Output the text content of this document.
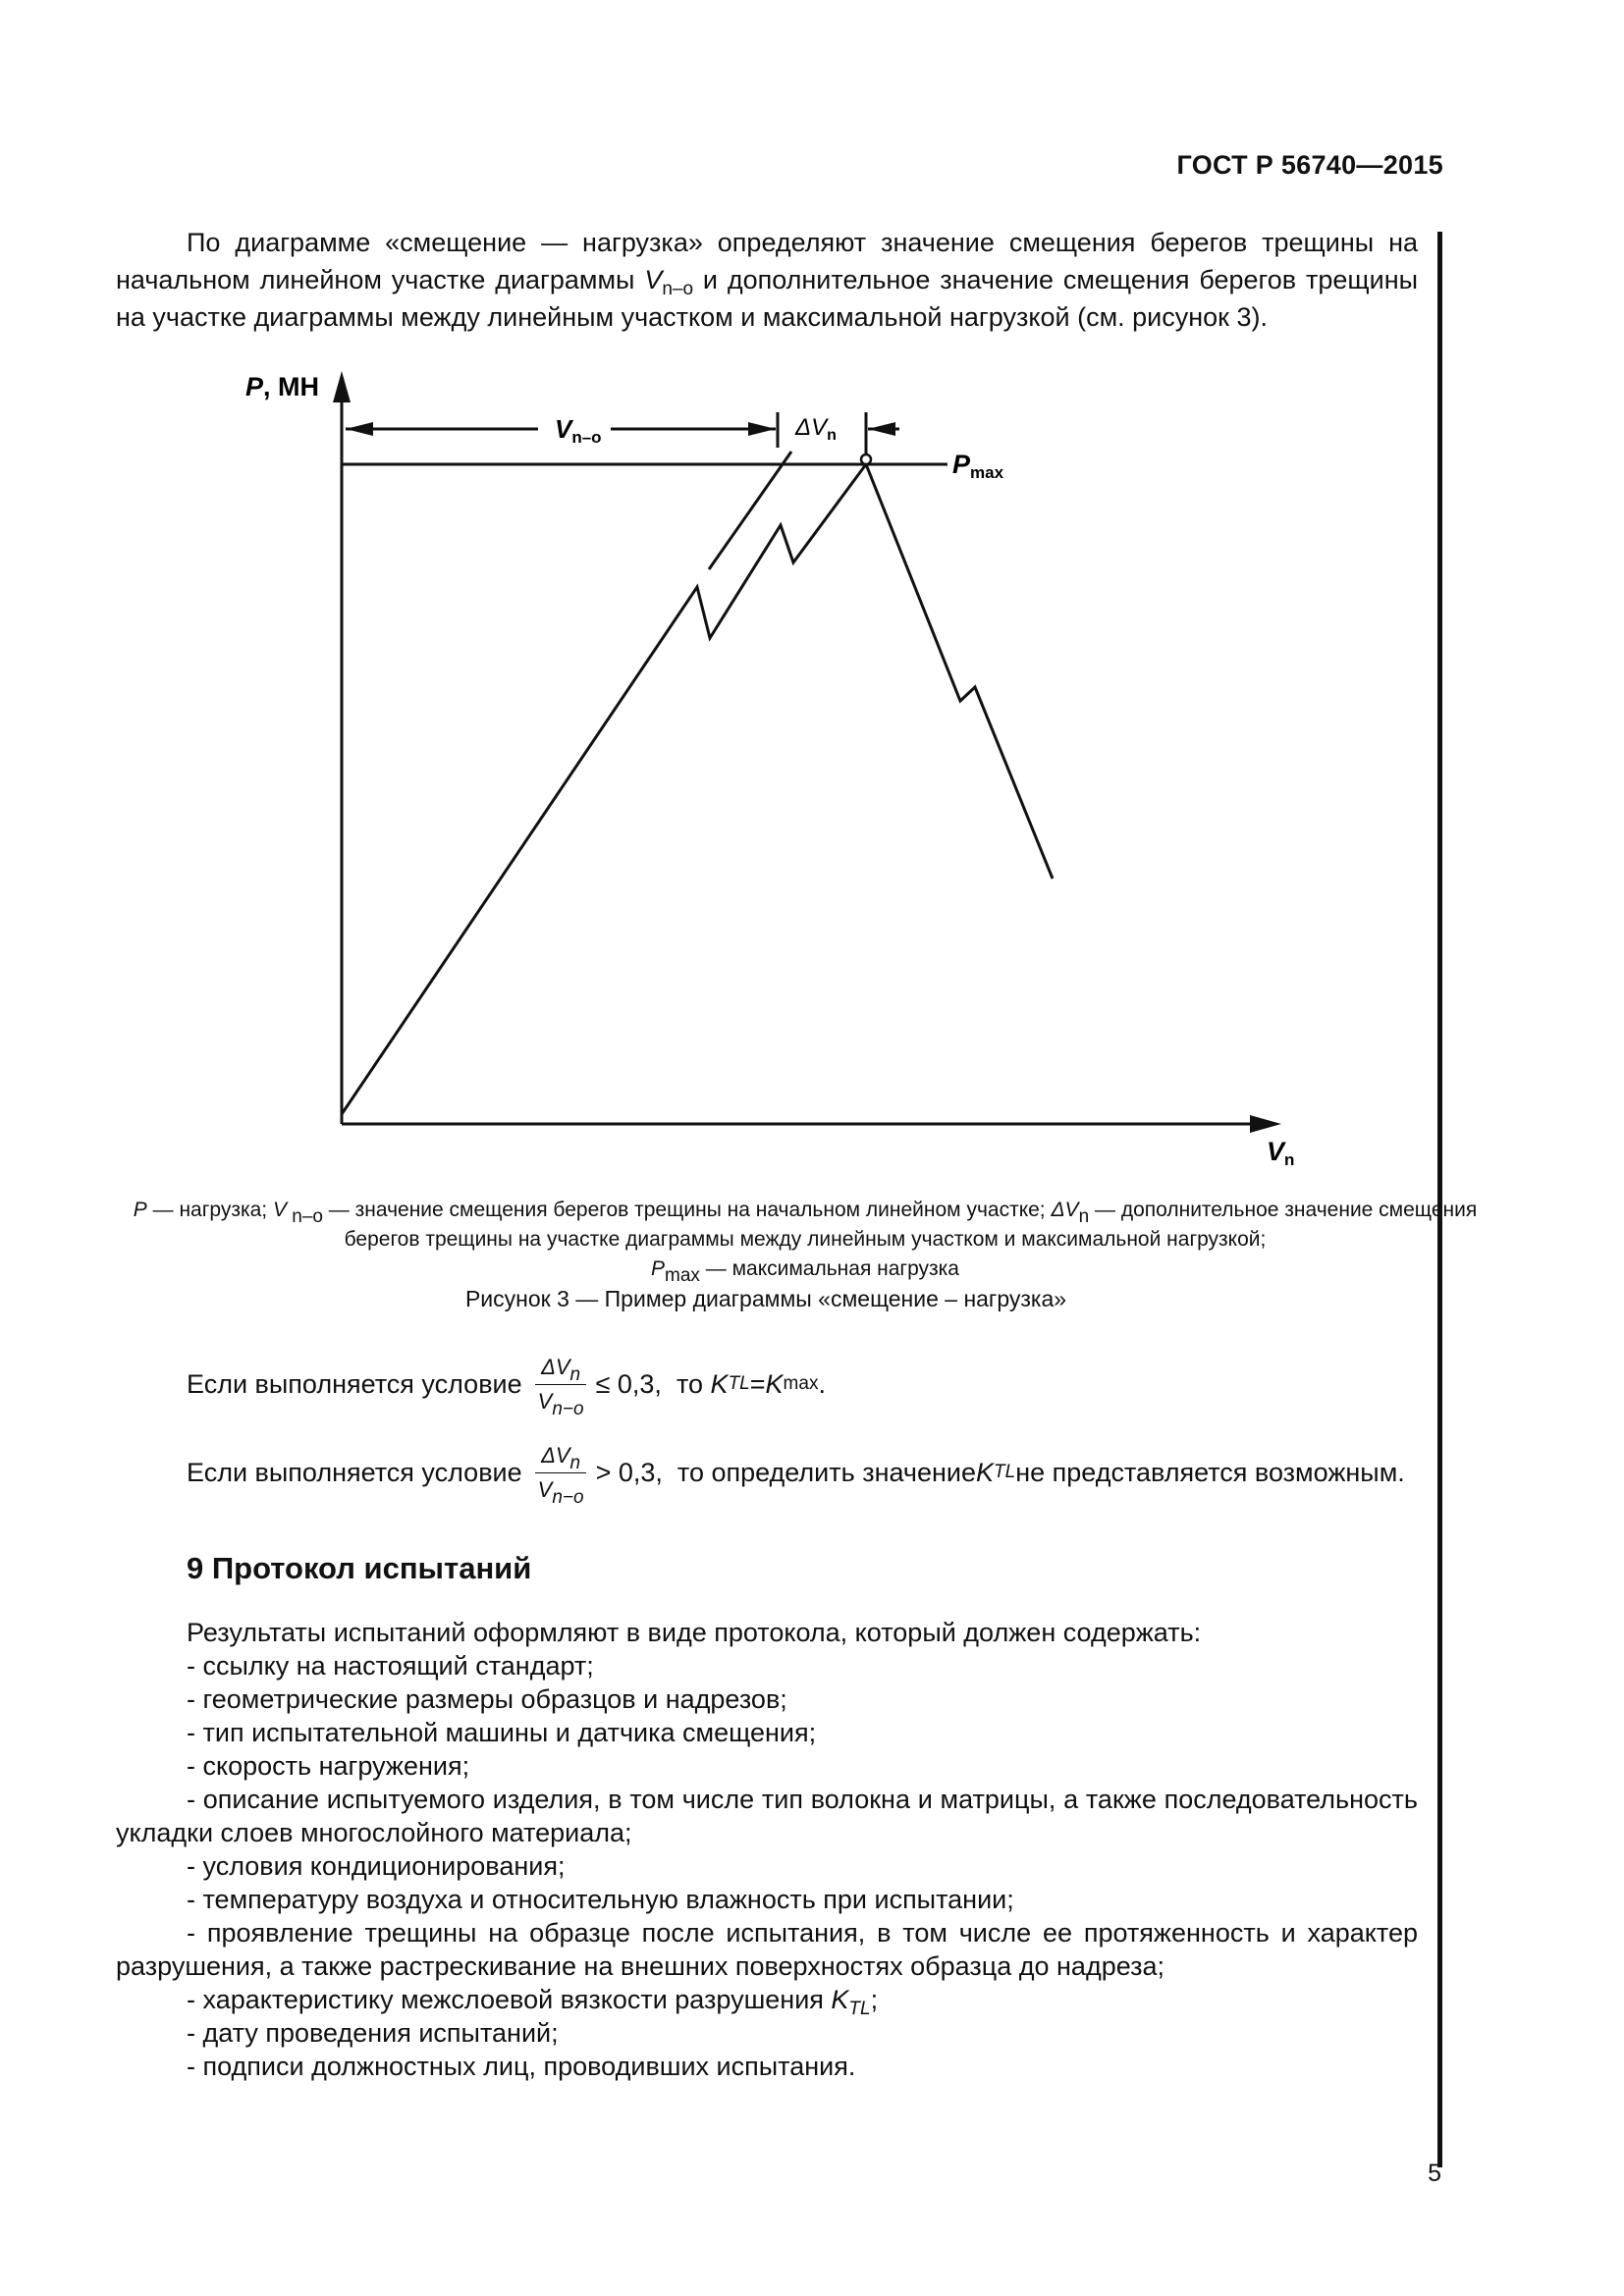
ГОСТ Р 56740—2015
По диаграмме «смещение — нагрузка» определяют значение смещения берегов трещины на начальном линейном участке диаграммы $V_{n-o}$ и дополнительное значение смещения берегов трещины на участке диаграммы между линейным участком и максимальной нагрузкой (см. рисунок 3).
P, МН
Vn
Vn–o	$\Delta V_n$
Pmax
P — нагрузка; V $_{n-o}$ — значение смещения берегов трещины на начальном линейном участке; $\Delta V_n$ — дополнительное значение смещения берегов трещины на участке диаграммы между линейным участком и максимальной нагрузкой;
$P_{max}$ — максимальная нагрузка
Рисунок 3 — Пример диаграммы «смещение – нагрузка»
Если выполняется условие $\frac{\Delta V_n}{V_{n-o}} \le 0,3$,
то
K TL = K max .
Если выполняется условие $\frac{\Delta V_n}{V_{n-o}} > 0,3$,
то определить значение K TL не представляется возможным.
9 Протокол испытаний
Результаты испытаний оформляют в виде протокола, который должен содержать:
- ссылку на настоящий стандарт;
- геометрические размеры образцов и надрезов;
- тип испытательной машины и датчика смещения;
- скорость нагружения;
- описание испытуемого изделия, в том числе тип волокна и матрицы, а также последовательность укладки слоев многослойного материала;
- условия кондиционирования;
- температуру воздуха и относительную влажность при испытании;
- проявление трещины на образце после испытания, в том числе ее протяженность и характер разрушения, а также растрескивание на внешних поверхностях образца до надреза;
- характеристику межслоевой вязкости разрушения $K_{TL}$;
- дату проведения испытаний;
- подписи должностных лиц, проводивших испытания.
5
